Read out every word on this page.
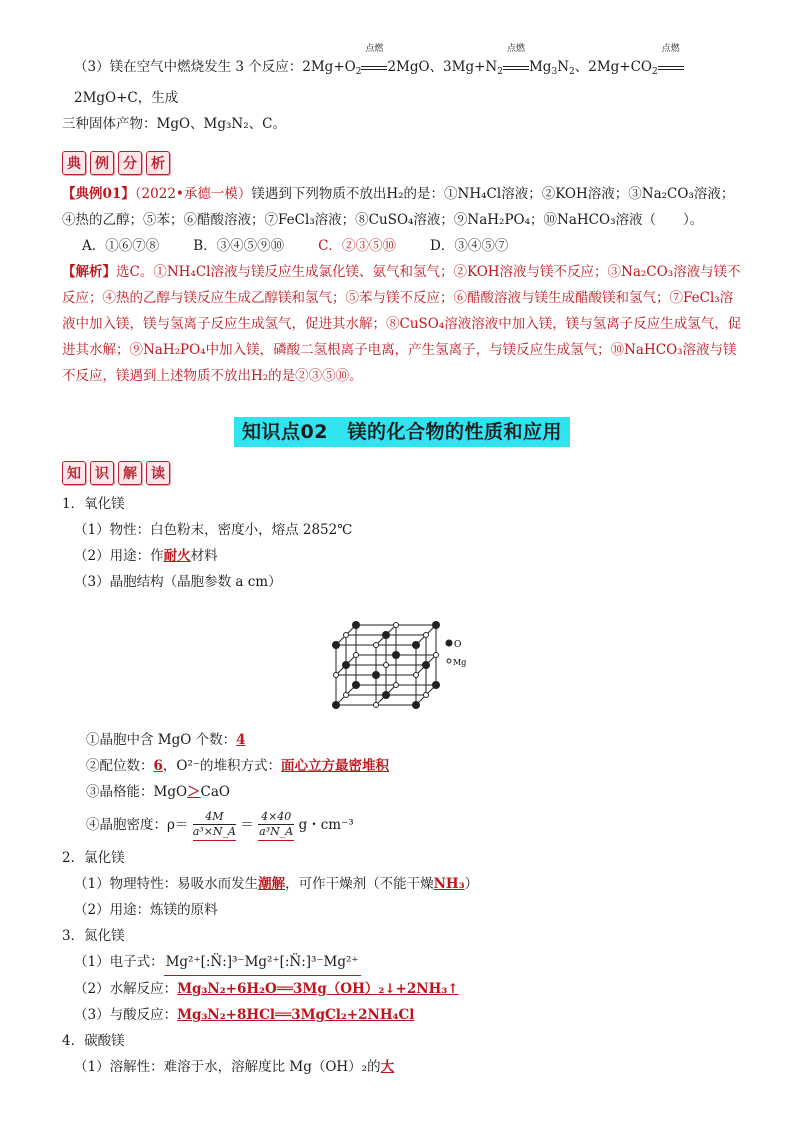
（3）镁在空气中燃烧发生 3 个反应：$2Mg+O_2$
点燃
2MgO、$3Mg+N_2$
点燃
$Mg_3N_2$、$2Mg+CO_2$
点燃
2MgO+C，生成

三种固体产物：MgO、Mg₃N₂、C。

典	例	分	析

【典例01】（2022•承德一模）镁遇到下列物质不放出H₂的是：①NH₄Cl溶液；②KOH溶液；③Na₂CO₃溶液；④热的乙醇；⑤苯；⑥醋酸溶液；⑦FeCl₃溶液；⑧CuSO₄溶液；⑨NaH₂PO₄；⑩NaHCO₃溶液（　　）。

A．①⑥⑦⑧	B．③④⑤⑨⑩	C．②③⑤⑩	D．③④⑤⑦

【解析】选C。①NH₄Cl溶液与镁反应生成氯化镁、氨气和氢气；②KOH溶液与镁不反应；③Na₂CO₃溶液与镁不反应；④热的乙醇与镁反应生成乙醇镁和氢气；⑤苯与镁不反应；⑥醋酸溶液与镁生成醋酸镁和氢气；⑦FeCl₃溶液中加入镁，镁与氢离子反应生成氢气，促进其水解；⑧CuSO₄溶液溶液中加入镁，镁与氢离子反应生成氢气，促进其水解；⑨NaH₂PO₄中加入镁，磷酸二氢根离子电离，产生氢离子，与镁反应生成氢气；⑩NaHCO₃溶液与镁不反应，镁遇到上述物质不放出H₂的是②③⑤⑩。

知识点02　镁的化合物的性质和应用
知	识	解	读

1．氧化镁

（1）物性：白色粉末，密度小，熔点 2852℃

（2）用途：作耐火材料

（3）晶胞结构（晶胞参数 a cm）

O
Mg

①晶胞中含 MgO 个数：4

②配位数：6，O²⁻的堆积方式：面心立方最密堆积

③晶格能：MgO＞CaO

④晶胞密度：$\rho= \frac{4M}{\text{a³×N\_A}} = \frac{4\times 40}{\text{a³N\_A}}$ g・cm⁻³

2．氯化镁

（1）物理特性：易吸水而发生潮解，可作干燥剂（不能干燥NH₃）

（2）用途：炼镁的原料

3．氮化镁

（1）电子式： Mg²⁺[:N̈:]³⁻Mg²⁺[:N̈:]³⁻Mg²⁺

（2）水解反应：Mg₃N₂+6H₂O══3Mg（OH）₂↓+2NH₃↑

（3）与酸反应：Mg₃N₂+8HCl══3MgCl₂+2NH₄Cl

4．碳酸镁

（1）溶解性：难溶于水，溶解度比 Mg（OH）₂的大
